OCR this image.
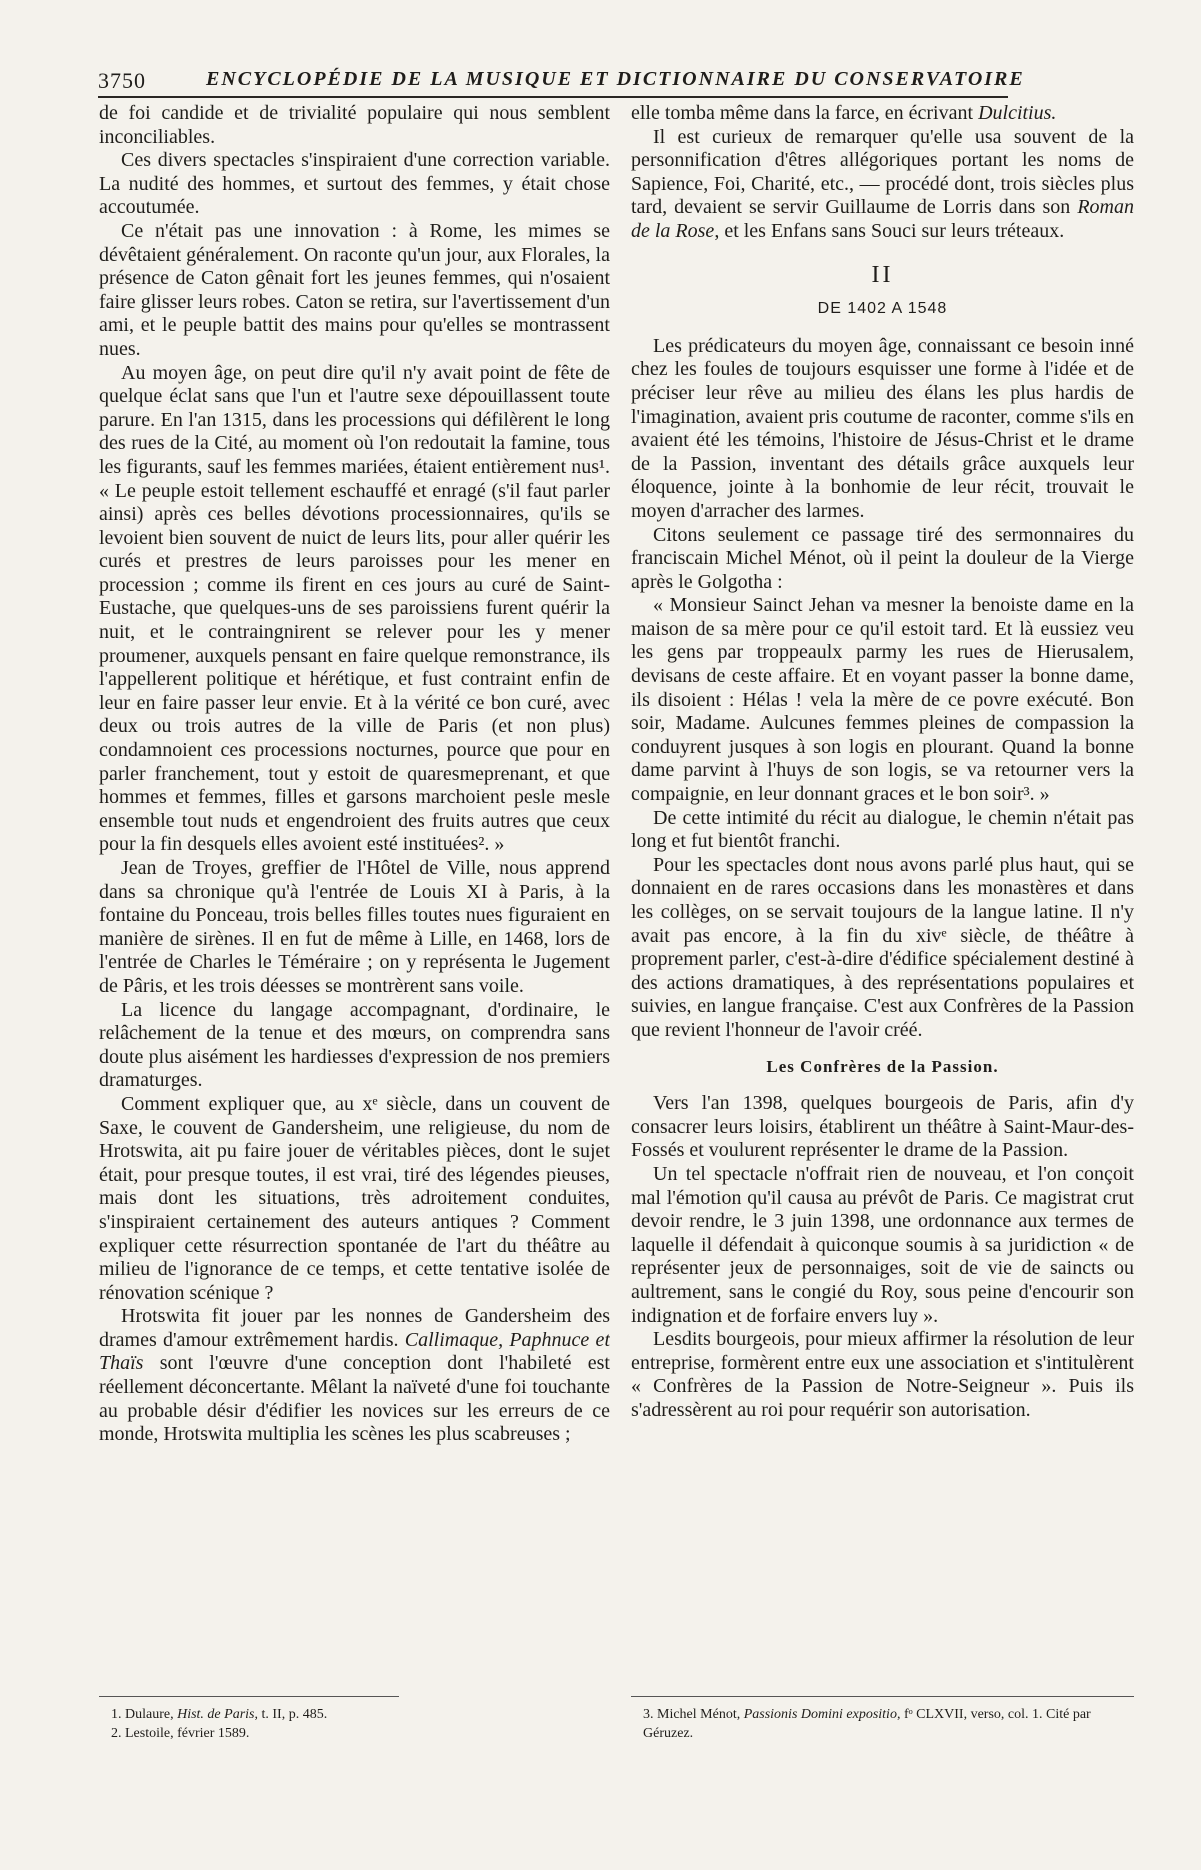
3750	ENCYCLOPÉDIE DE LA MUSIQUE ET DICTIONNAIRE DU CONSERVATOIRE

de foi candide et de trivialité populaire qui nous semblent inconciliables.

Ces divers spectacles s'inspiraient d'une correction variable. La nudité des hommes, et surtout des femmes, y était chose accoutumée.

Ce n'était pas une innovation : à Rome, les mimes se dévêtaient généralement. On raconte qu'un jour, aux Florales, la présence de Caton gênait fort les jeunes femmes, qui n'osaient faire glisser leurs robes. Caton se retira, sur l'avertissement d'un ami, et le peuple battit des mains pour qu'elles se montrassent nues.

Au moyen âge, on peut dire qu'il n'y avait point de fête de quelque éclat sans que l'un et l'autre sexe dépouillassent toute parure. En l'an 1315, dans les processions qui défilèrent le long des rues de la Cité, au moment où l'on redoutait la famine, tous les figurants, sauf les femmes mariées, étaient entièrement nus¹. « Le peuple estoit tellement eschauffé et enragé (s'il faut parler ainsi) après ces belles dévotions processionnaires, qu'ils se levoient bien souvent de nuict de leurs lits, pour aller quérir les curés et prestres de leurs paroisses pour les mener en procession ; comme ils firent en ces jours au curé de Saint-Eustache, que quelques-uns de ses paroissiens furent quérir la nuit, et le contraingnirent se relever pour les y mener proumener, auxquels pensant en faire quelque remonstrance, ils l'appellerent politique et hérétique, et fust contraint enfin de leur en faire passer leur envie. Et à la vérité ce bon curé, avec deux ou trois autres de la ville de Paris (et non plus) condamnoient ces processions nocturnes, pource que pour en parler franchement, tout y estoit de quaresmeprenant, et que hommes et femmes, filles et garsons marchoient pesle mesle ensemble tout nuds et engendroient des fruits autres que ceux pour la fin desquels elles avoient esté instituées². »

Jean de Troyes, greffier de l'Hôtel de Ville, nous apprend dans sa chronique qu'à l'entrée de Louis XI à Paris, à la fontaine du Ponceau, trois belles filles toutes nues figuraient en manière de sirènes. Il en fut de même à Lille, en 1468, lors de l'entrée de Charles le Téméraire ; on y représenta le Jugement de Pâris, et les trois déesses se montrèrent sans voile.

La licence du langage accompagnant, d'ordinaire, le relâchement de la tenue et des mœurs, on comprendra sans doute plus aisément les hardiesses d'expression de nos premiers dramaturges.

Comment expliquer que, au xᵉ siècle, dans un couvent de Saxe, le couvent de Gandersheim, une religieuse, du nom de Hrotswita, ait pu faire jouer de véritables pièces, dont le sujet était, pour presque toutes, il est vrai, tiré des légendes pieuses, mais dont les situations, très adroitement conduites, s'inspiraient certainement des auteurs antiques ? Comment expliquer cette résurrection spontanée de l'art du théâtre au milieu de l'ignorance de ce temps, et cette tentative isolée de rénovation scénique ?

Hrotswita fit jouer par les nonnes de Gandersheim des drames d'amour extrêmement hardis. Callimaque, Paphnuce et Thaïs sont l'œuvre d'une conception dont l'habileté est réellement déconcertante. Mêlant la naïveté d'une foi touchante au probable désir d'édifier les novices sur les erreurs de ce monde, Hrotswita multiplia les scènes les plus scabreuses ;

elle tomba même dans la farce, en écrivant Dulcitius.

Il est curieux de remarquer qu'elle usa souvent de la personnification d'êtres allégoriques portant les noms de Sapience, Foi, Charité, etc., — procédé dont, trois siècles plus tard, devaient se servir Guillaume de Lorris dans son Roman de la Rose, et les Enfans sans Souci sur leurs tréteaux.

II
DE 1402 A 1548

Les prédicateurs du moyen âge, connaissant ce besoin inné chez les foules de toujours esquisser une forme à l'idée et de préciser leur rêve au milieu des élans les plus hardis de l'imagination, avaient pris coutume de raconter, comme s'ils en avaient été les témoins, l'histoire de Jésus-Christ et le drame de la Passion, inventant des détails grâce auxquels leur éloquence, jointe à la bonhomie de leur récit, trouvait le moyen d'arracher des larmes.

Citons seulement ce passage tiré des sermonnaires du franciscain Michel Ménot, où il peint la douleur de la Vierge après le Golgotha :

« Monsieur Sainct Jehan va mesner la benoiste dame en la maison de sa mère pour ce qu'il estoit tard. Et là eussiez veu les gens par troppeaulx parmy les rues de Hierusalem, devisans de ceste affaire. Et en voyant passer la bonne dame, ils disoient : Hélas ! vela la mère de ce povre exécuté. Bon soir, Madame. Aulcunes femmes pleines de compassion la conduyrent jusques à son logis en plourant. Quand la bonne dame parvint à l'huys de son logis, se va retourner vers la compaignie, en leur donnant graces et le bon soir³. »

De cette intimité du récit au dialogue, le chemin n'était pas long et fut bientôt franchi.

Pour les spectacles dont nous avons parlé plus haut, qui se donnaient en de rares occasions dans les monastères et dans les collèges, on se servait toujours de la langue latine. Il n'y avait pas encore, à la fin du xivᵉ siècle, de théâtre à proprement parler, c'est-à-dire d'édifice spécialement destiné à des actions dramatiques, à des représentations populaires et suivies, en langue française. C'est aux Confrères de la Passion que revient l'honneur de l'avoir créé.

Les Confrères de la Passion.

Vers l'an 1398, quelques bourgeois de Paris, afin d'y consacrer leurs loisirs, établirent un théâtre à Saint-Maur-des-Fossés et voulurent représenter le drame de la Passion.

Un tel spectacle n'offrait rien de nouveau, et l'on conçoit mal l'émotion qu'il causa au prévôt de Paris. Ce magistrat crut devoir rendre, le 3 juin 1398, une ordonnance aux termes de laquelle il défendait à quiconque soumis à sa juridiction « de représenter jeux de personnaiges, soit de vie de saincts ou aultrement, sans le congié du Roy, sous peine d'encourir son indignation et de forfaire envers luy ».

Lesdits bourgeois, pour mieux affirmer la résolution de leur entreprise, formèrent entre eux une association et s'intitulèrent « Confrères de la Passion de Notre-Seigneur ». Puis ils s'adressèrent au roi pour requérir son autorisation.

1. Dulaure, Hist. de Paris, t. II, p. 485.

2. Lestoile, février 1589.

3. Michel Ménot, Passionis Domini expositio, fᵒ CLXVII, verso, col. 1. Cité par Géruzez.
